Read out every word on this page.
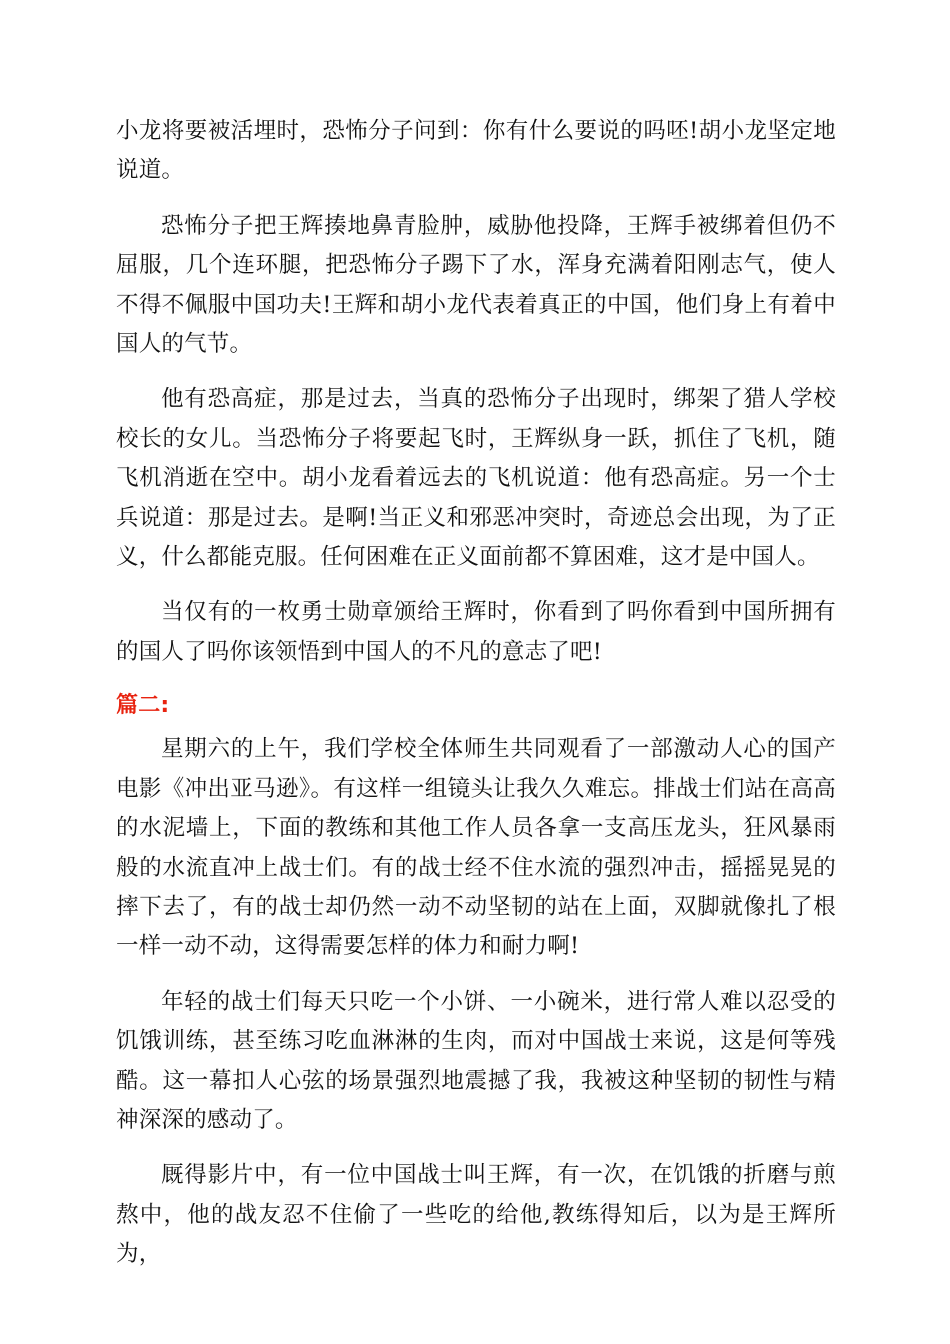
小龙将要被活埋时，恐怖分子问到：你有什么要说的吗呸!胡小龙坚定地说道。

恐怖分子把王辉揍地鼻青脸肿，威胁他投降，王辉手被绑着但仍不屈服，几个连环腿，把恐怖分子踢下了水，浑身充满着阳刚志气，使人不得不佩服中国功夫!王辉和胡小龙代表着真正的中国，他们身上有着中国人的气节。

他有恐高症，那是过去，当真的恐怖分子出现时，绑架了猎人学校校长的女儿。当恐怖分子将要起飞时，王辉纵身一跃，抓住了飞机，随飞机消逝在空中。胡小龙看着远去的飞机说道：他有恐高症。另一个士兵说道：那是过去。是啊!当正义和邪恶冲突时，奇迹总会出现，为了正义，什么都能克服。任何困难在正义面前都不算困难，这才是中国人。

当仅有的一枚勇士勋章颁给王辉时，你看到了吗你看到中国所拥有的国人了吗你该领悟到中国人的不凡的意志了吧!

篇二:

星期六的上午，我们学校全体师生共同观看了一部激动人心的国产电影《冲出亚马逊》。有这样一组镜头让我久久难忘。排战士们站在高高的水泥墙上，下面的教练和其他工作人员各拿一支高压龙头，狂风暴雨般的水流直冲上战士们。有的战士经不住水流的强烈冲击，摇摇晃晃的摔下去了，有的战士却仍然一动不动坚韧的站在上面，双脚就像扎了根一样一动不动，这得需要怎样的体力和耐力啊!

年轻的战士们每天只吃一个小饼、一小碗米，进行常人难以忍受的饥饿训练，甚至练习吃血淋淋的生肉，而对中国战士来说，这是何等残酷。这一幕扣人心弦的场景强烈地震撼了我，我被这种坚韧的韧性与精神深深的感动了。

厩得影片中，有一位中国战士叫王辉，有一次，在饥饿的折磨与煎熬中，他的战友忍不住偷了一些吃的给他,教练得知后，以为是王辉所为，
